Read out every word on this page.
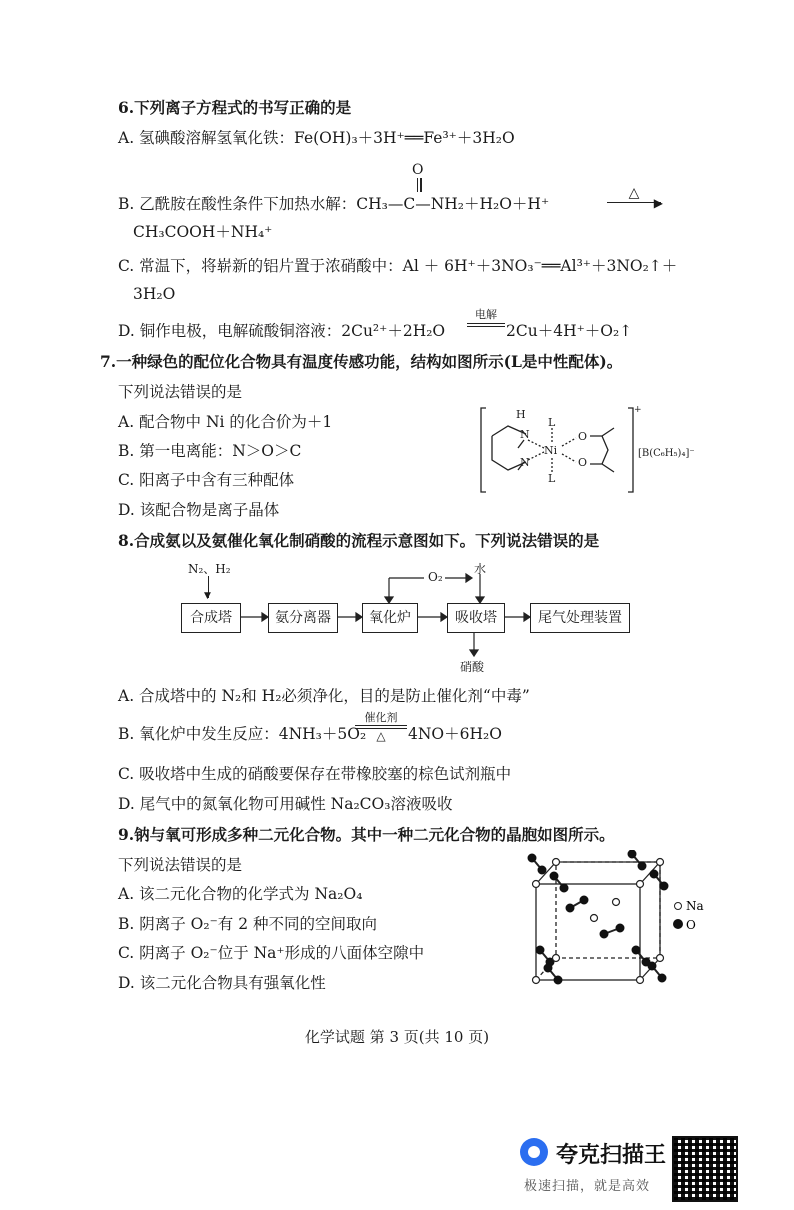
6.下列离子方程式的书写正确的是
A. 氢碘酸溶解氢氧化铁：Fe(OH)₃＋3H⁺══Fe³⁺＋3H₂O
O
B. 乙酰胺在酸性条件下加热水解：CH₃—C—NH₂＋H₂O＋H⁺
△
▶
CH₃COOH＋NH₄⁺
C. 常温下，将崭新的铝片置于浓硝酸中：Al ＋ 6H⁺＋3NO₃⁻══Al³⁺＋3NO₂↑＋
3H₂O
D. 铜作电极，电解硫酸铜溶液：2Cu²⁺＋2H₂O
电解
2Cu＋4H⁺＋O₂↑
7.一种绿色的配位化合物具有温度传感功能，结构如图所示(L是中性配体)。
下列说法错误的是
A. 配合物中 Ni 的化合价为＋1
B. 第一电离能：N＞O＞C
C. 阳离子中含有三种配体
D. 该配合物是离子晶体
H
N
N
Ni
L
L
O
O
+
[B(C₆H₅)₄]⁻
8.合成氨以及氨催化氧化制硝酸的流程示意图如下。下列说法错误的是
N₂、H₂
▼
合成塔	氨分离器	氧化炉	吸收塔	尾气处理装置
O₂
水
硝酸
A. 合成塔中的 N₂和 H₂必须净化，目的是防止催化剂“中毒”
B. 氧化炉中发生反应：4NH₃＋5O₂
催化剂
△	4NO＋6H₂O
C. 吸收塔中生成的硝酸要保存在带橡胶塞的棕色试剂瓶中
D. 尾气中的氮氧化物可用碱性 Na₂CO₃溶液吸收
9.钠与氧可形成多种二元化合物。其中一种二元化合物的晶胞如图所示。
下列说法错误的是
A. 该二元化合物的化学式为 Na₂O₄
B. 阴离子 O₂⁻有 2 种不同的空间取向
C. 阴离子 O₂⁻位于 Na⁺形成的八面体空隙中
D. 该二元化合物具有强氧化性
Na
O
化学试题 第 3 页(共 10 页)
夸克扫描王
极速扫描，就是高效
